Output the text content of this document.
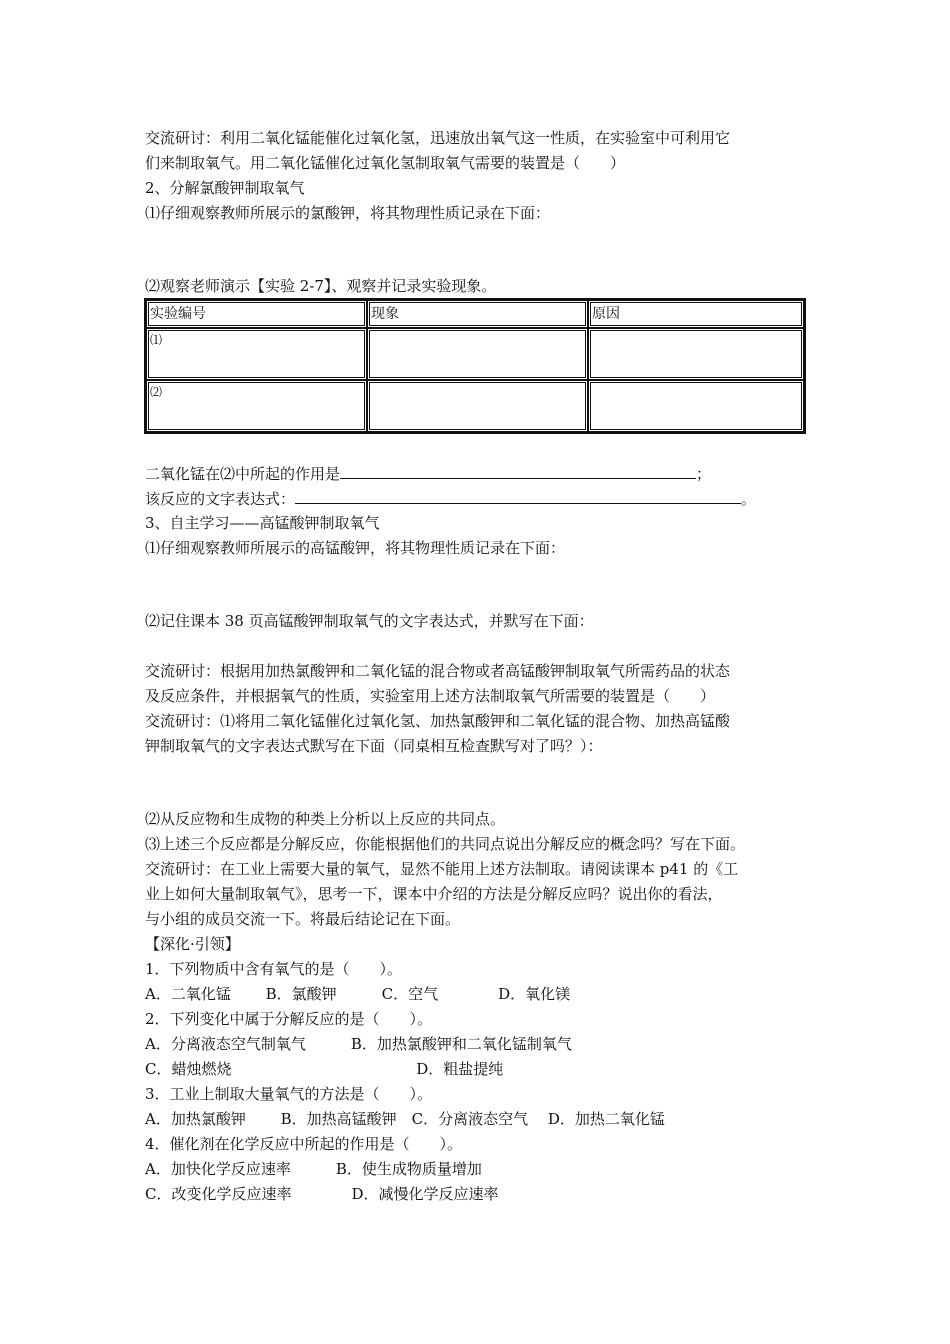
交流研讨：利用二氧化锰能催化过氧化氢，迅速放出氧气这一性质，在实验室中可利用它
们来制取氧气。用二氧化锰催化过氧化氢制取氧气需要的装置是（　　）
2、分解氯酸钾制取氧气
⑴仔细观察教师所展示的氯酸钾，将其物理性质记录在下面：
⑵观察老师演示【实验 2-7】、观察并记录实验现象。
实验编号	现象	原因
⑴		
⑵		
二氧化锰在⑵中所起的作用是	；
该反应的文字表达式：	。
3、自主学习——高锰酸钾制取氧气
⑴仔细观察教师所展示的高锰酸钾，将其物理性质记录在下面：
⑵记住课本 38 页高锰酸钾制取氧气的文字表达式，并默写在下面：
交流研讨：根据用加热氯酸钾和二氧化锰的混合物或者高锰酸钾制取氧气所需药品的状态
及反应条件，并根据氧气的性质，实验室用上述方法制取氧气所需要的装置是（　　）
交流研讨：⑴将用二氧化锰催化过氧化氢、加热氯酸钾和二氧化锰的混合物、加热高锰酸
钾制取氧气的文字表达式默写在下面（同桌相互检查默写对了吗？）：
⑵从反应物和生成物的种类上分析以上反应的共同点。
⑶上述三个反应都是分解反应，你能根据他们的共同点说出分解反应的概念吗？写在下面。
交流研讨：在工业上需要大量的氧气，显然不能用上述方法制取。请阅读课本 p41 的《工
业上如何大量制取氧气》，思考一下，课本中介绍的方法是分解反应吗？说出你的看法，
与小组的成员交流一下。将最后结论记在下面。
【深化·引领】
1．下列物质中含有氧气的是（　　）。
A．二氧化锰　　 B．氯酸钾　　　C．空气　　　　D．氧化镁
2．下列变化中属于分解反应的是（　　）。
A．分离液态空气制氧气　　　B．加热氯酸钾和二氧化锰制氧气
C．蜡烛燃烧　　　　　　　　　　　　 D．粗盐提纯
3．工业上制取大量氧气的方法是（　　）。
A．加热氯酸钾　　 B．加热高锰酸钾　C．分离液态空气　 D．加热二氧化锰
4．催化剂在化学反应中所起的作用是（　　）。
A．加快化学反应速率　　　B．使生成物质量增加
C．改变化学反应速率　　　　D．减慢化学反应速率
